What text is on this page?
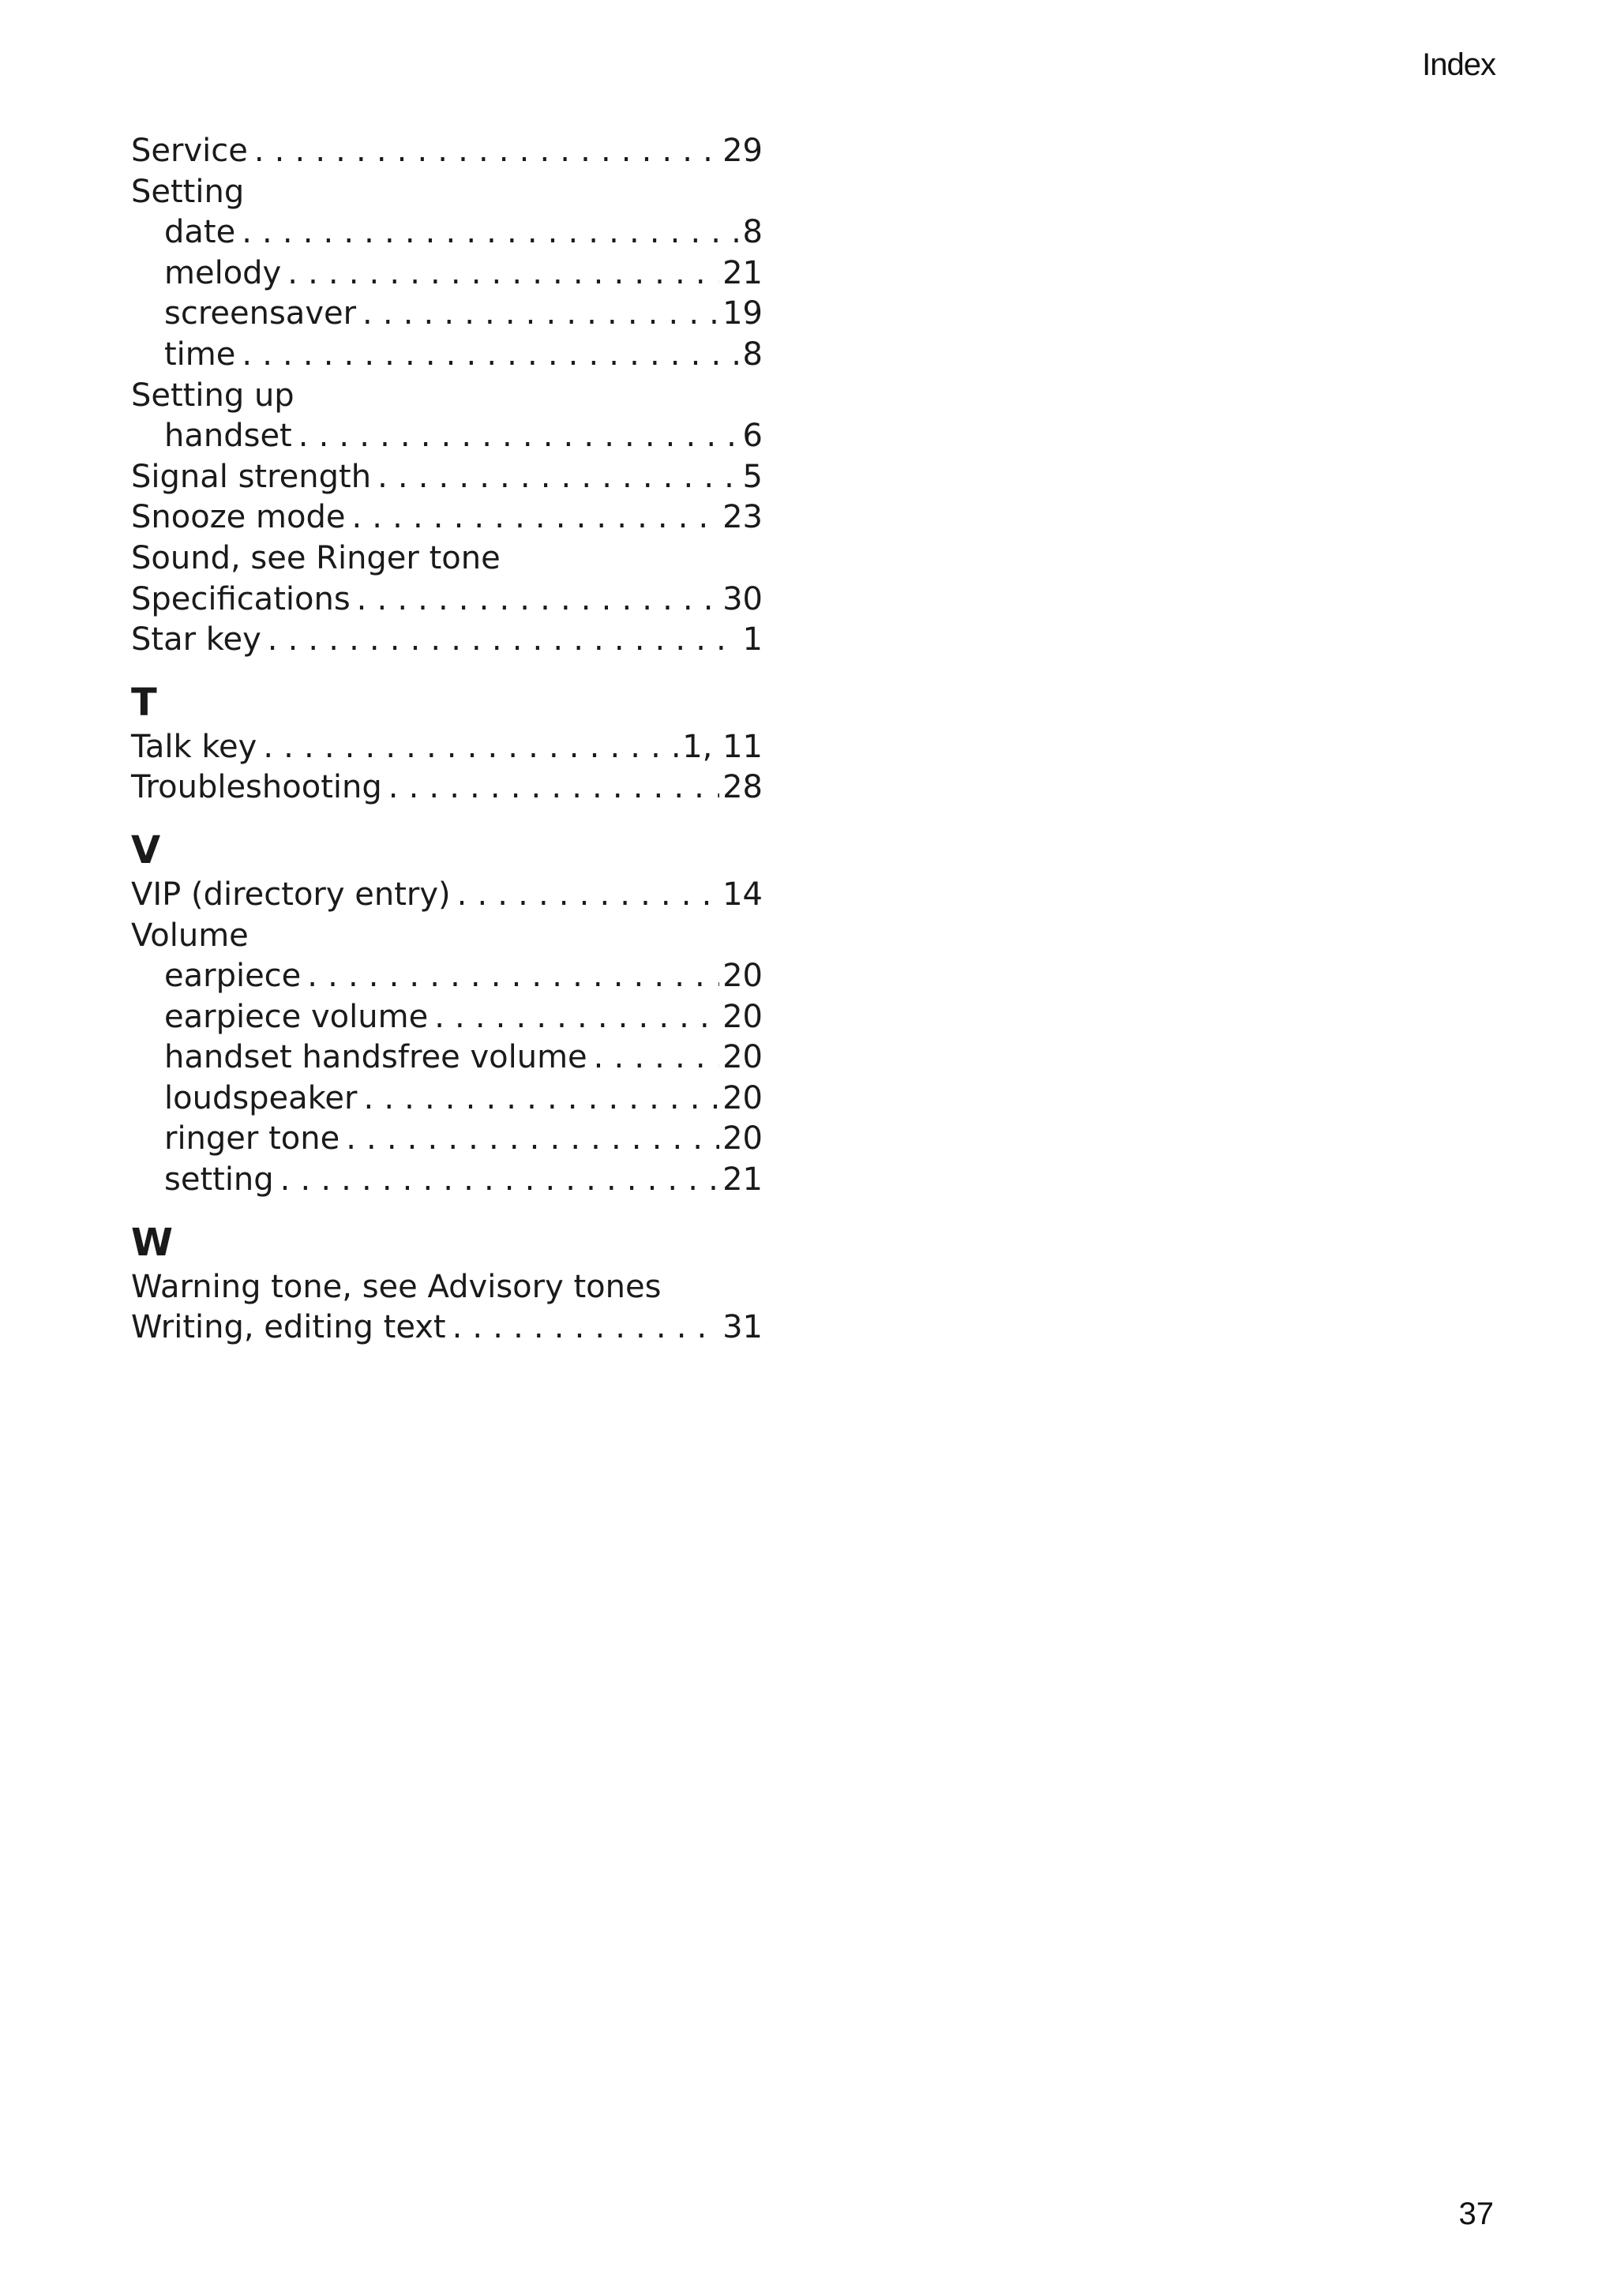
Index
Service . . .	29
Setting
date . . .	8
melody . . .	21
screensaver . . .	19
time . . .	8
Setting up
handset . . .	6
Signal strength . . .	5
Snooze mode . . .	23
Sound, see Ringer tone
Specifications . . .	30
Star key . . .	1
T
Talk key . . .	1, 11
Troubleshooting . . .	28
V
VIP (directory entry) . . .	14
Volume
earpiece . . .	20
earpiece volume . . .	20
handset handsfree volume . . .	20
loudspeaker . . .	20
ringer tone . . .	20
setting . . .	21
W
Warning tone, see Advisory tones
Writing, editing text . . .	31
37
